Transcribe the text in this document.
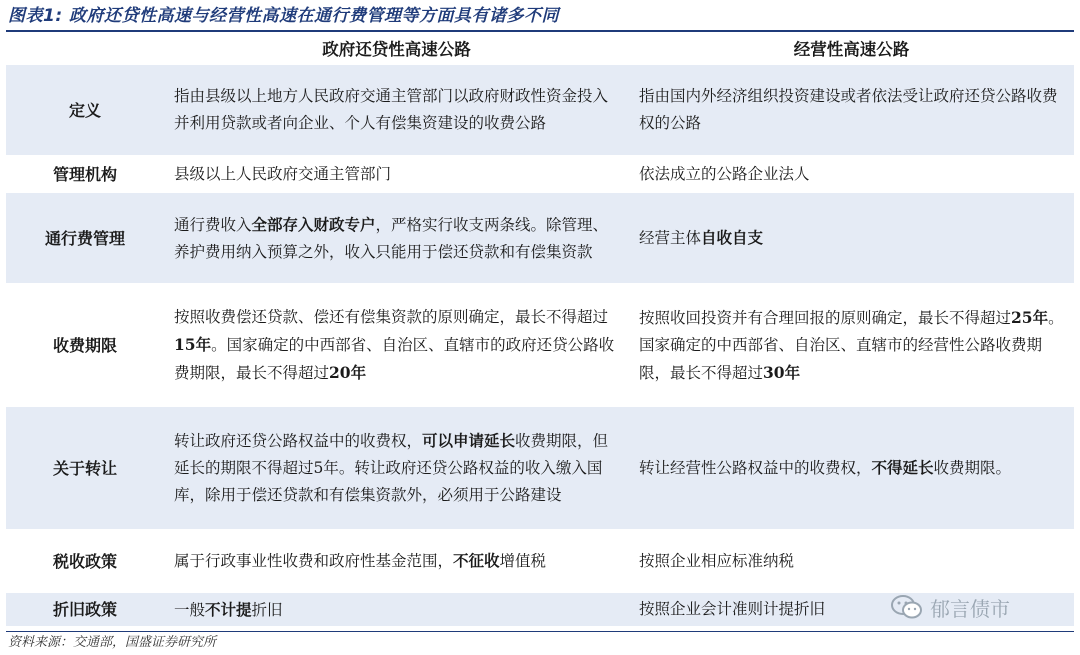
图表1: 政府还贷性高速与经营性高速在通行费管理等方面具有诸多不同
	政府还贷性高速公路	经营性高速公路
定义	指由县级以上地方人民政府交通主管部门以政府财政性资金投入并利用贷款或者向企业、个人有偿集资建设的收费公路	指由国内外经济组织投资建设或者依法受让政府还贷公路收费权的公路
管理机构	县级以上人民政府交通主管部门	依法成立的公路企业法人
通行费管理	通行费收入全部存入财政专户，严格实行收支两条线。除管理、养护费用纳入预算之外，收入只能用于偿还贷款和有偿集资款	经营主体自收自支
收费期限	按照收费偿还贷款、偿还有偿集资款的原则确定，最长不得超过15年。国家确定的中西部省、自治区、直辖市的政府还贷公路收费期限，最长不得超过20年	按照收回投资并有合理回报的原则确定，最长不得超过25年。国家确定的中西部省、自治区、直辖市的经营性公路收费期限，最长不得超过30年
关于转让	转让政府还贷公路权益中的收费权，可以申请延长收费期限，但延长的期限不得超过5年。转让政府还贷公路权益的收入缴入国库，除用于偿还贷款和有偿集资款外，必须用于公路建设	转让经营性公路权益中的收费权，不得延长收费期限。
税收政策	属于行政事业性收费和政府性基金范围，不征收增值税	按照企业相应标准纳税
折旧政策	一般不计提折旧	按照企业会计准则计提折旧
资料来源：交通部，国盛证券研究所
郁言债市
